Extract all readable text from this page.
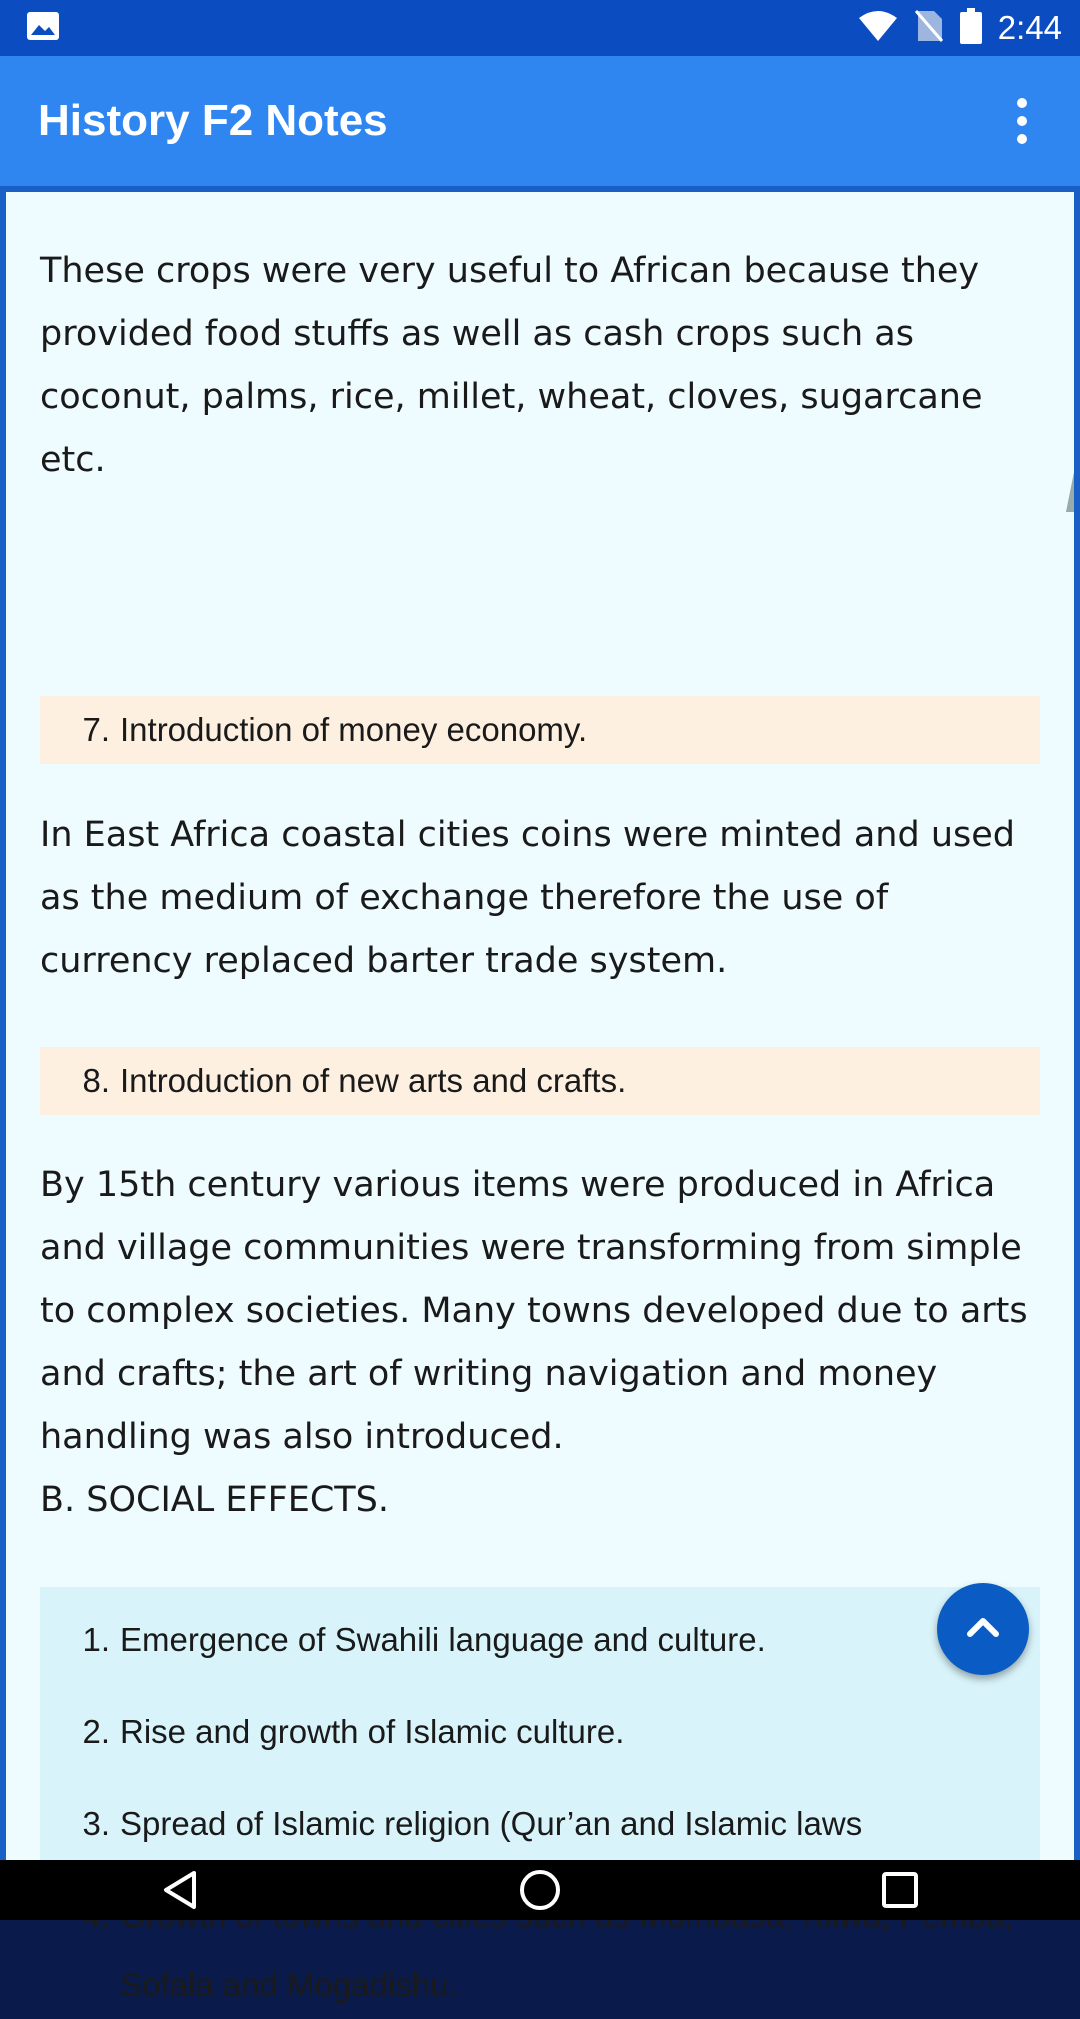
2:44
History F2 Notes

These crops were very useful to African because they provided food stuffs as well as cash crops such as coconut, palms, rice, millet, wheat, cloves, sugarcane etc.

7. Introduction of money economy.

In East Africa coastal cities coins were minted and used as the medium of exchange therefore the use of currency replaced barter trade system.

8. Introduction of new arts and crafts.

By 15th century various items were produced in Africa and village communities were transforming from simple to complex societies. Many towns developed due to arts and crafts; the art of writing navigation and money handling was also introduced.

B. SOCIAL EFFECTS.

1. Emergence of Swahili language and culture.
2. Rise and growth of Islamic culture.
3. Spread of Islamic religion (Qur’an and Islamic laws
Sofala and Mogadishu.
